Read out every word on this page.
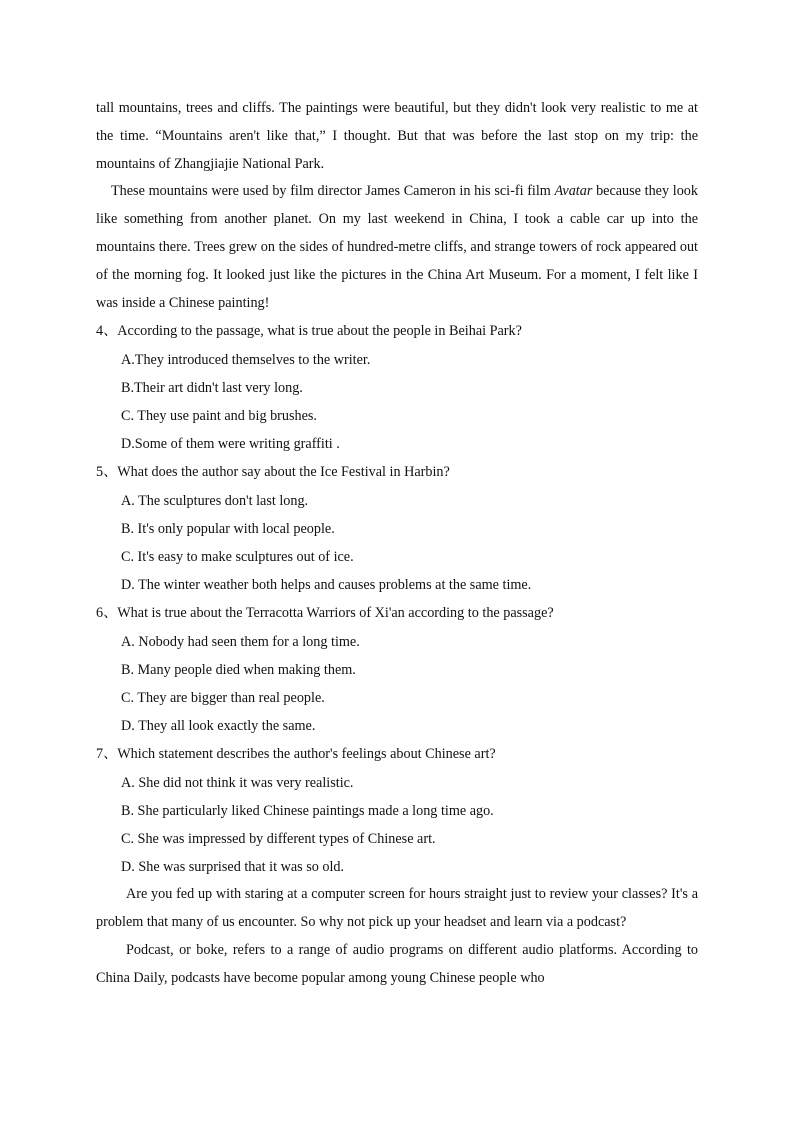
tall mountains, trees and cliffs. The paintings were beautiful, but they didn't look very realistic to me at the time. “Mountains aren't like that,” I thought. But that was before the last stop on my trip: the mountains of Zhangjiajie National Park.

These mountains were used by film director James Cameron in his sci-fi film Avatar because they look like something from another planet. On my last weekend in China, I took a cable car up into the mountains there. Trees grew on the sides of hundred-metre cliffs, and strange towers of rock appeared out of the morning fog. It looked just like the pictures in the China Art Museum. For a moment, I felt like I was inside a Chinese painting!

4、According to the passage, what is true about the people in Beihai Park?
A.They introduced themselves to the writer.
B.Their art didn't last very long.
C. They use paint and big brushes.
D.Some of them were writing graffiti .
5、What does the author say about the Ice Festival in Harbin?
A. The sculptures don't last long.
B. It's only popular with local people.
C. It's easy to make sculptures out of ice.
D. The winter weather both helps and causes problems at the same time.
6、What is true about the Terracotta Warriors of Xi'an according to the passage?
A. Nobody had seen them for a long time.
B. Many people died when making them.
C. They are bigger than real people.
D. They all look exactly the same.
7、Which statement describes the author's feelings about Chinese art?
A. She did not think it was very realistic.
B. She particularly liked Chinese paintings made a long time ago.
C. She was impressed by different types of Chinese art.
D. She was surprised that it was so old.

Are you fed up with staring at a computer screen for hours straight just to review your classes? It's a problem that many of us encounter. So why not pick up your headset and learn via a podcast?

Podcast, or boke, refers to a range of audio programs on different audio platforms. According to China Daily, podcasts have become popular among young Chinese people who
